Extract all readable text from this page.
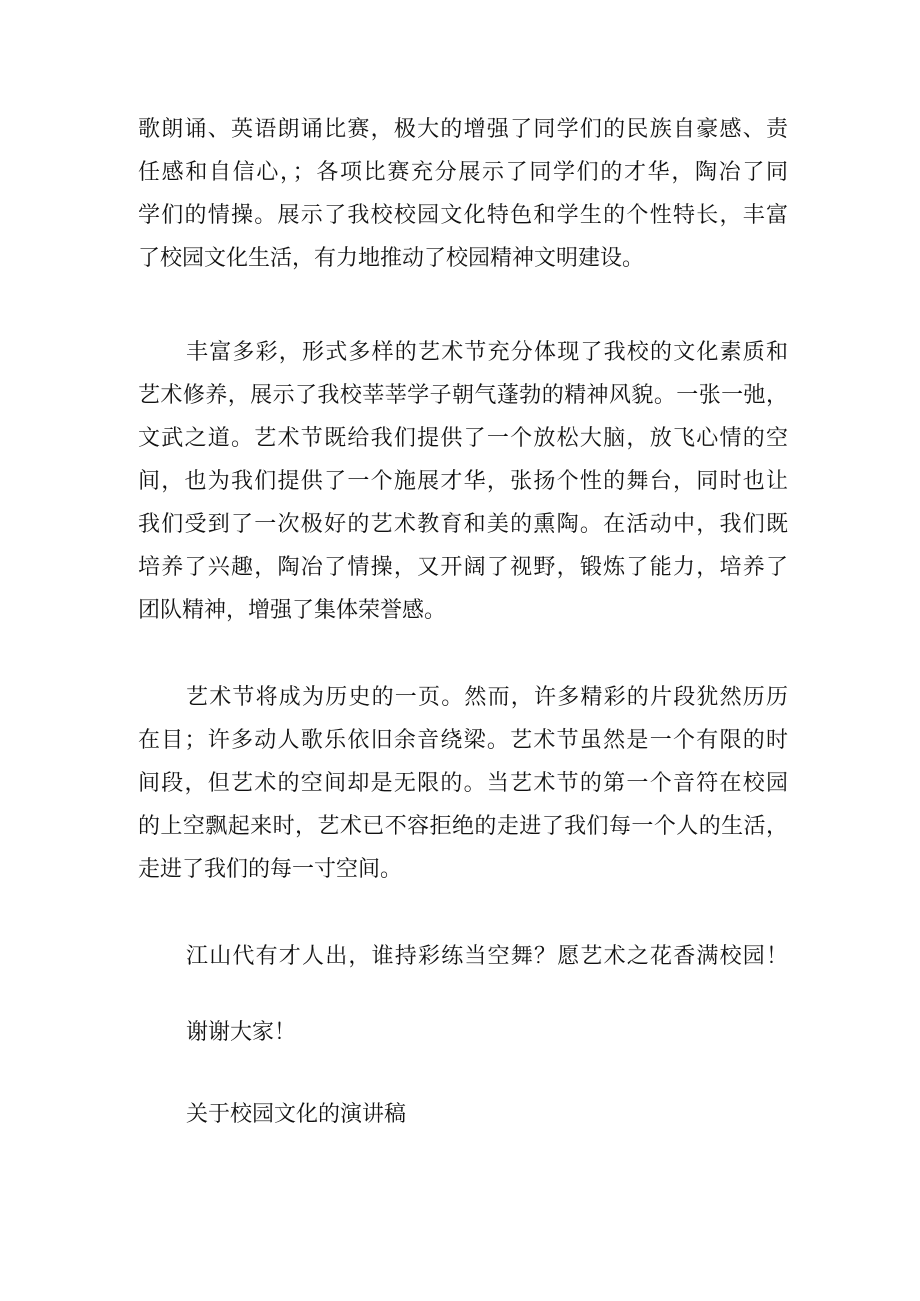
歌朗诵、英语朗诵比赛，极大的增强了同学们的民族自豪感、责

任感和自信心，；各项比赛充分展示了同学们的才华，陶冶了同

学们的情操。展示了我校校园文化特色和学生的个性特长，丰富

了校园文化生活，有力地推动了校园精神文明建设。

丰富多彩，形式多样的艺术节充分体现了我校的文化素质和

艺术修养，展示了我校莘莘学子朝气蓬勃的精神风貌。一张一弛，

文武之道。艺术节既给我们提供了一个放松大脑，放飞心情的空

间，也为我们提供了一个施展才华，张扬个性的舞台，同时也让

我们受到了一次极好的艺术教育和美的熏陶。在活动中，我们既

培养了兴趣，陶冶了情操，又开阔了视野，锻炼了能力，培养了

团队精神，增强了集体荣誉感。

艺术节将成为历史的一页。然而，许多精彩的片段犹然历历

在目；许多动人歌乐依旧余音绕梁。艺术节虽然是一个有限的时

间段，但艺术的空间却是无限的。当艺术节的第一个音符在校园

的上空飘起来时，艺术已不容拒绝的走进了我们每一个人的生活，

走进了我们的每一寸空间。

江山代有才人出，谁持彩练当空舞？愿艺术之花香满校园！

谢谢大家！

关于校园文化的演讲稿
